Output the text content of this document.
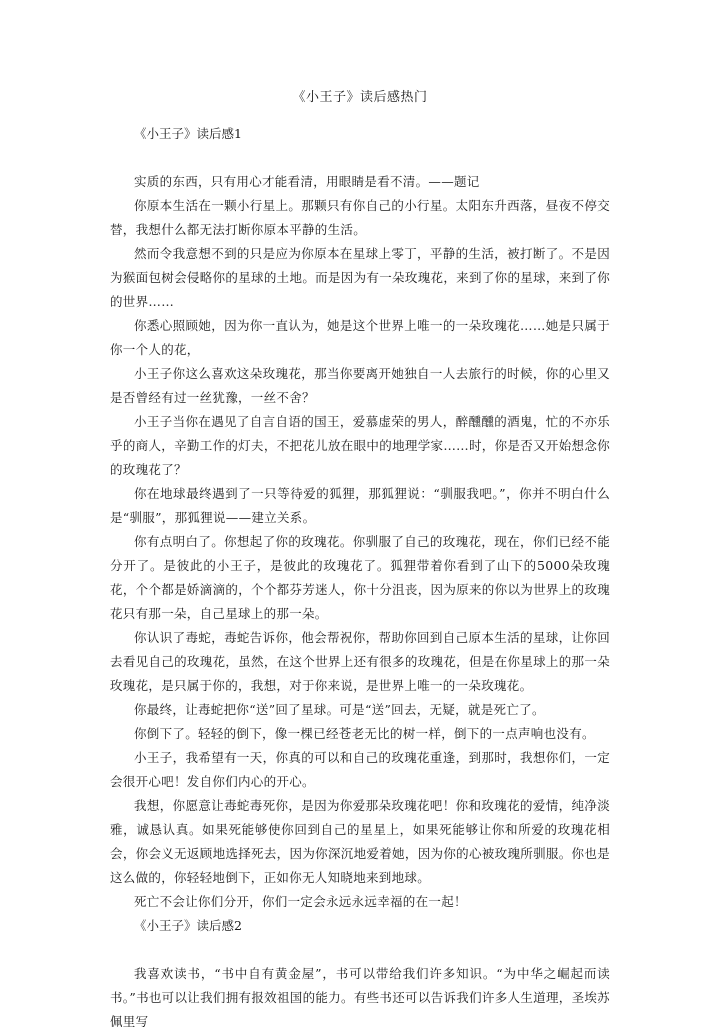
《小王子》读后感热门
《小王子》读后感1

实质的东西，只有用心才能看清，用眼睛是看不清。——题记

你原本生活在一颗小行星上。那颗只有你自己的小行星。太阳东升西落，昼夜不停交替，我想什么都无法打断你原本平静的生活。

然而令我意想不到的只是应为你原本在星球上零丁，平静的生活，被打断了。不是因为猴面包树会侵略你的星球的土地。而是因为有一朵玫瑰花，来到了你的星球，来到了你的世界……

你悉心照顾她，因为你一直认为，她是这个世界上唯一的一朵玫瑰花……她是只属于你一个人的花，

小王子你这么喜欢这朵玫瑰花，那当你要离开她独自一人去旅行的时候，你的心里又是否曾经有过一丝犹豫，一丝不舍？

小王子当你在遇见了自言自语的国王，爱慕虚荣的男人，醉醺醺的酒鬼，忙的不亦乐乎的商人，辛勤工作的灯夫，不把花儿放在眼中的地理学家……时，你是否又开始想念你的玫瑰花了？

你在地球最终遇到了一只等待爱的狐狸，那狐狸说：“驯服我吧。”，你并不明白什么是“驯服”，那狐狸说——建立关系。

你有点明白了。你想起了你的玫瑰花。你驯服了自己的玫瑰花，现在，你们已经不能分开了。是彼此的小王子，是彼此的玫瑰花了。狐狸带着你看到了山下的5000朵玫瑰花，个个都是娇滴滴的，个个都芬芳迷人，你十分沮丧，因为原来的你以为世界上的玫瑰花只有那一朵，自己星球上的那一朵。

你认识了毒蛇，毒蛇告诉你，他会帮祝你，帮助你回到自己原本生活的星球，让你回去看见自己的玫瑰花，虽然，在这个世界上还有很多的玫瑰花，但是在你星球上的那一朵玫瑰花，是只属于你的，我想，对于你来说，是世界上唯一的一朵玫瑰花。

你最终，让毒蛇把你“送”回了星球。可是“送”回去，无疑，就是死亡了。

你倒下了。轻轻的倒下，像一棵已经苍老无比的树一样，倒下的一点声响也没有。

小王子，我希望有一天，你真的可以和自己的玫瑰花重逢，到那时，我想你们，一定会很开心吧！发自你们内心的开心。

我想，你愿意让毒蛇毒死你，是因为你爱那朵玫瑰花吧！你和玫瑰花的爱情，纯净淡雅，诚恳认真。如果死能够使你回到自己的星星上，如果死能够让你和所爱的玫瑰花相会，你会义无返顾地选择死去，因为你深沉地爱着她，因为你的心被玫瑰所驯服。你也是这么做的，你轻轻地倒下，正如你无人知晓地来到地球。

死亡不会让你们分开，你们一定会永远永远幸福的在一起！

《小王子》读后感2

我喜欢读书，“书中自有黄金屋”，书可以带给我们许多知识。“为中华之崛起而读书。”书也可以让我们拥有报效祖国的能力。有些书还可以告诉我们许多人生道理，圣埃苏佩里写
